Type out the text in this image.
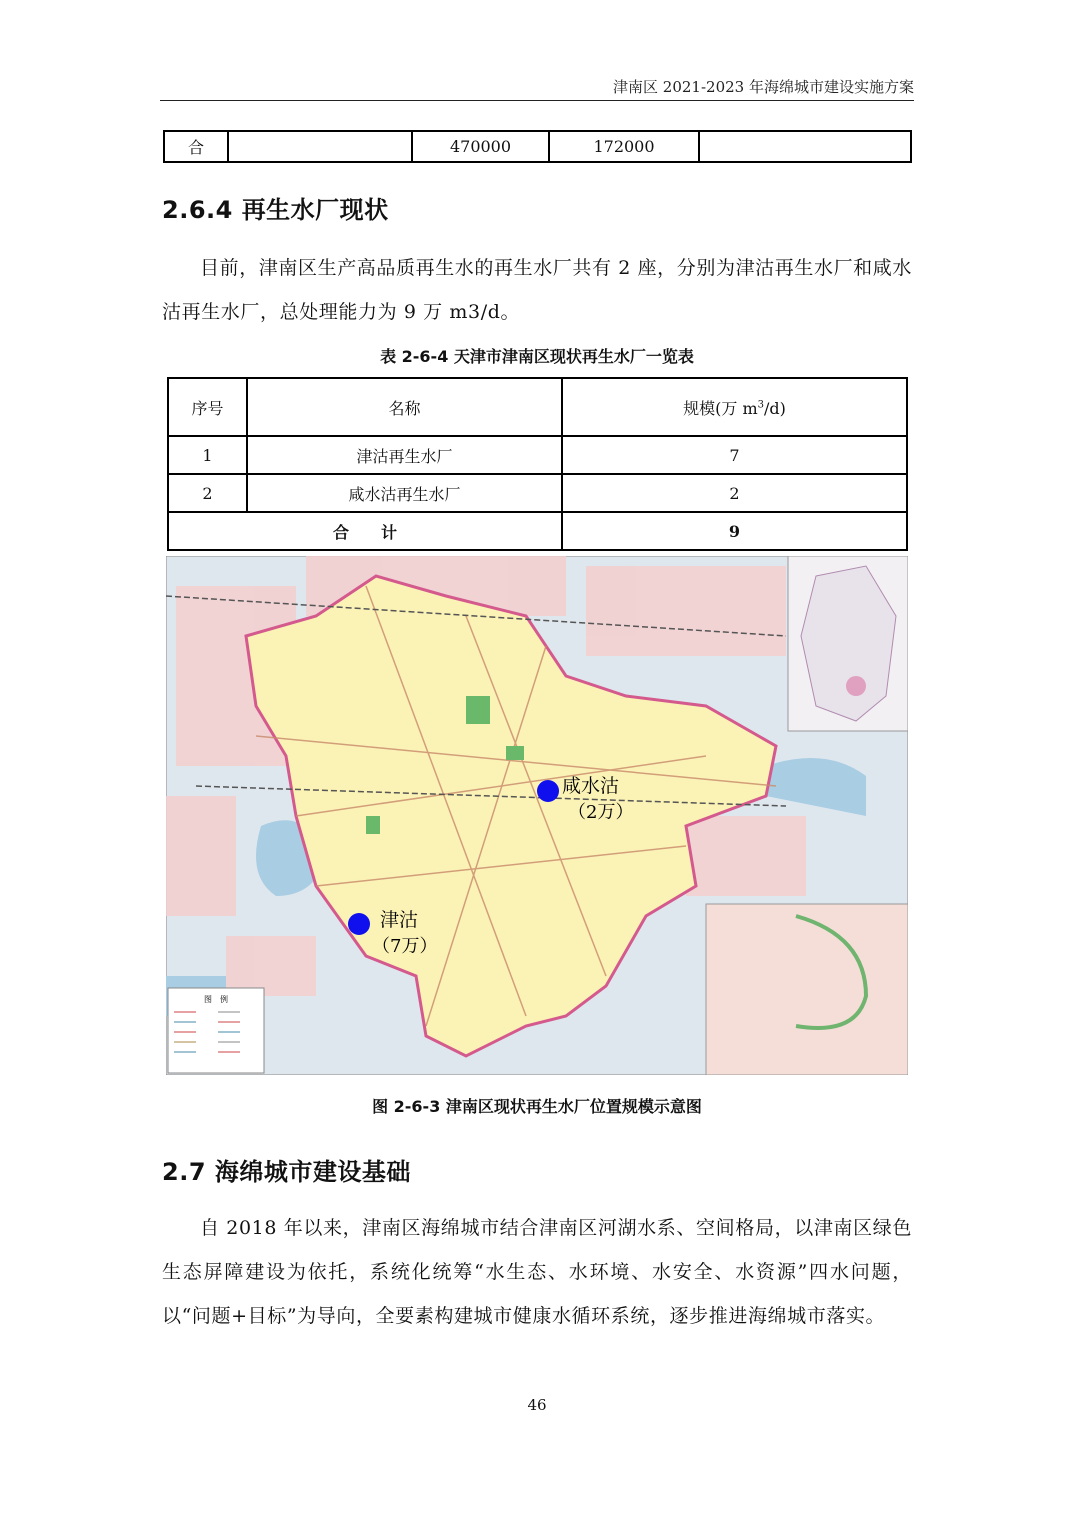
津南区 2021-2023 年海绵城市建设实施方案
合		470000	172000	
2.6.4 再生水厂现状

目前，津南区生产高品质再生水的再生水厂共有 2 座，分别为津沽再生水厂和咸水沽再生水厂，总处理能力为 9 万 m3/d。

表 2-6-4 天津市津南区现状再生水厂一览表
序号	名称	规模(万 $m^3/d$)
1	津沽再生水厂	7
2	咸水沽再生水厂	2
合　　计		9
图　例
咸水沽
（2万）
津沽
（7万）
图 2-6-3 津南区现状再生水厂位置规模示意图
2.7 海绵城市建设基础

自 2018 年以来，津南区海绵城市结合津南区河湖水系、空间格局，以津南区绿色生态屏障建设为依托，系统化统筹“水生态、水环境、水安全、水资源”四水问题，以“问题+目标”为导向，全要素构建城市健康水循环系统，逐步推进海绵城市落实。

46
